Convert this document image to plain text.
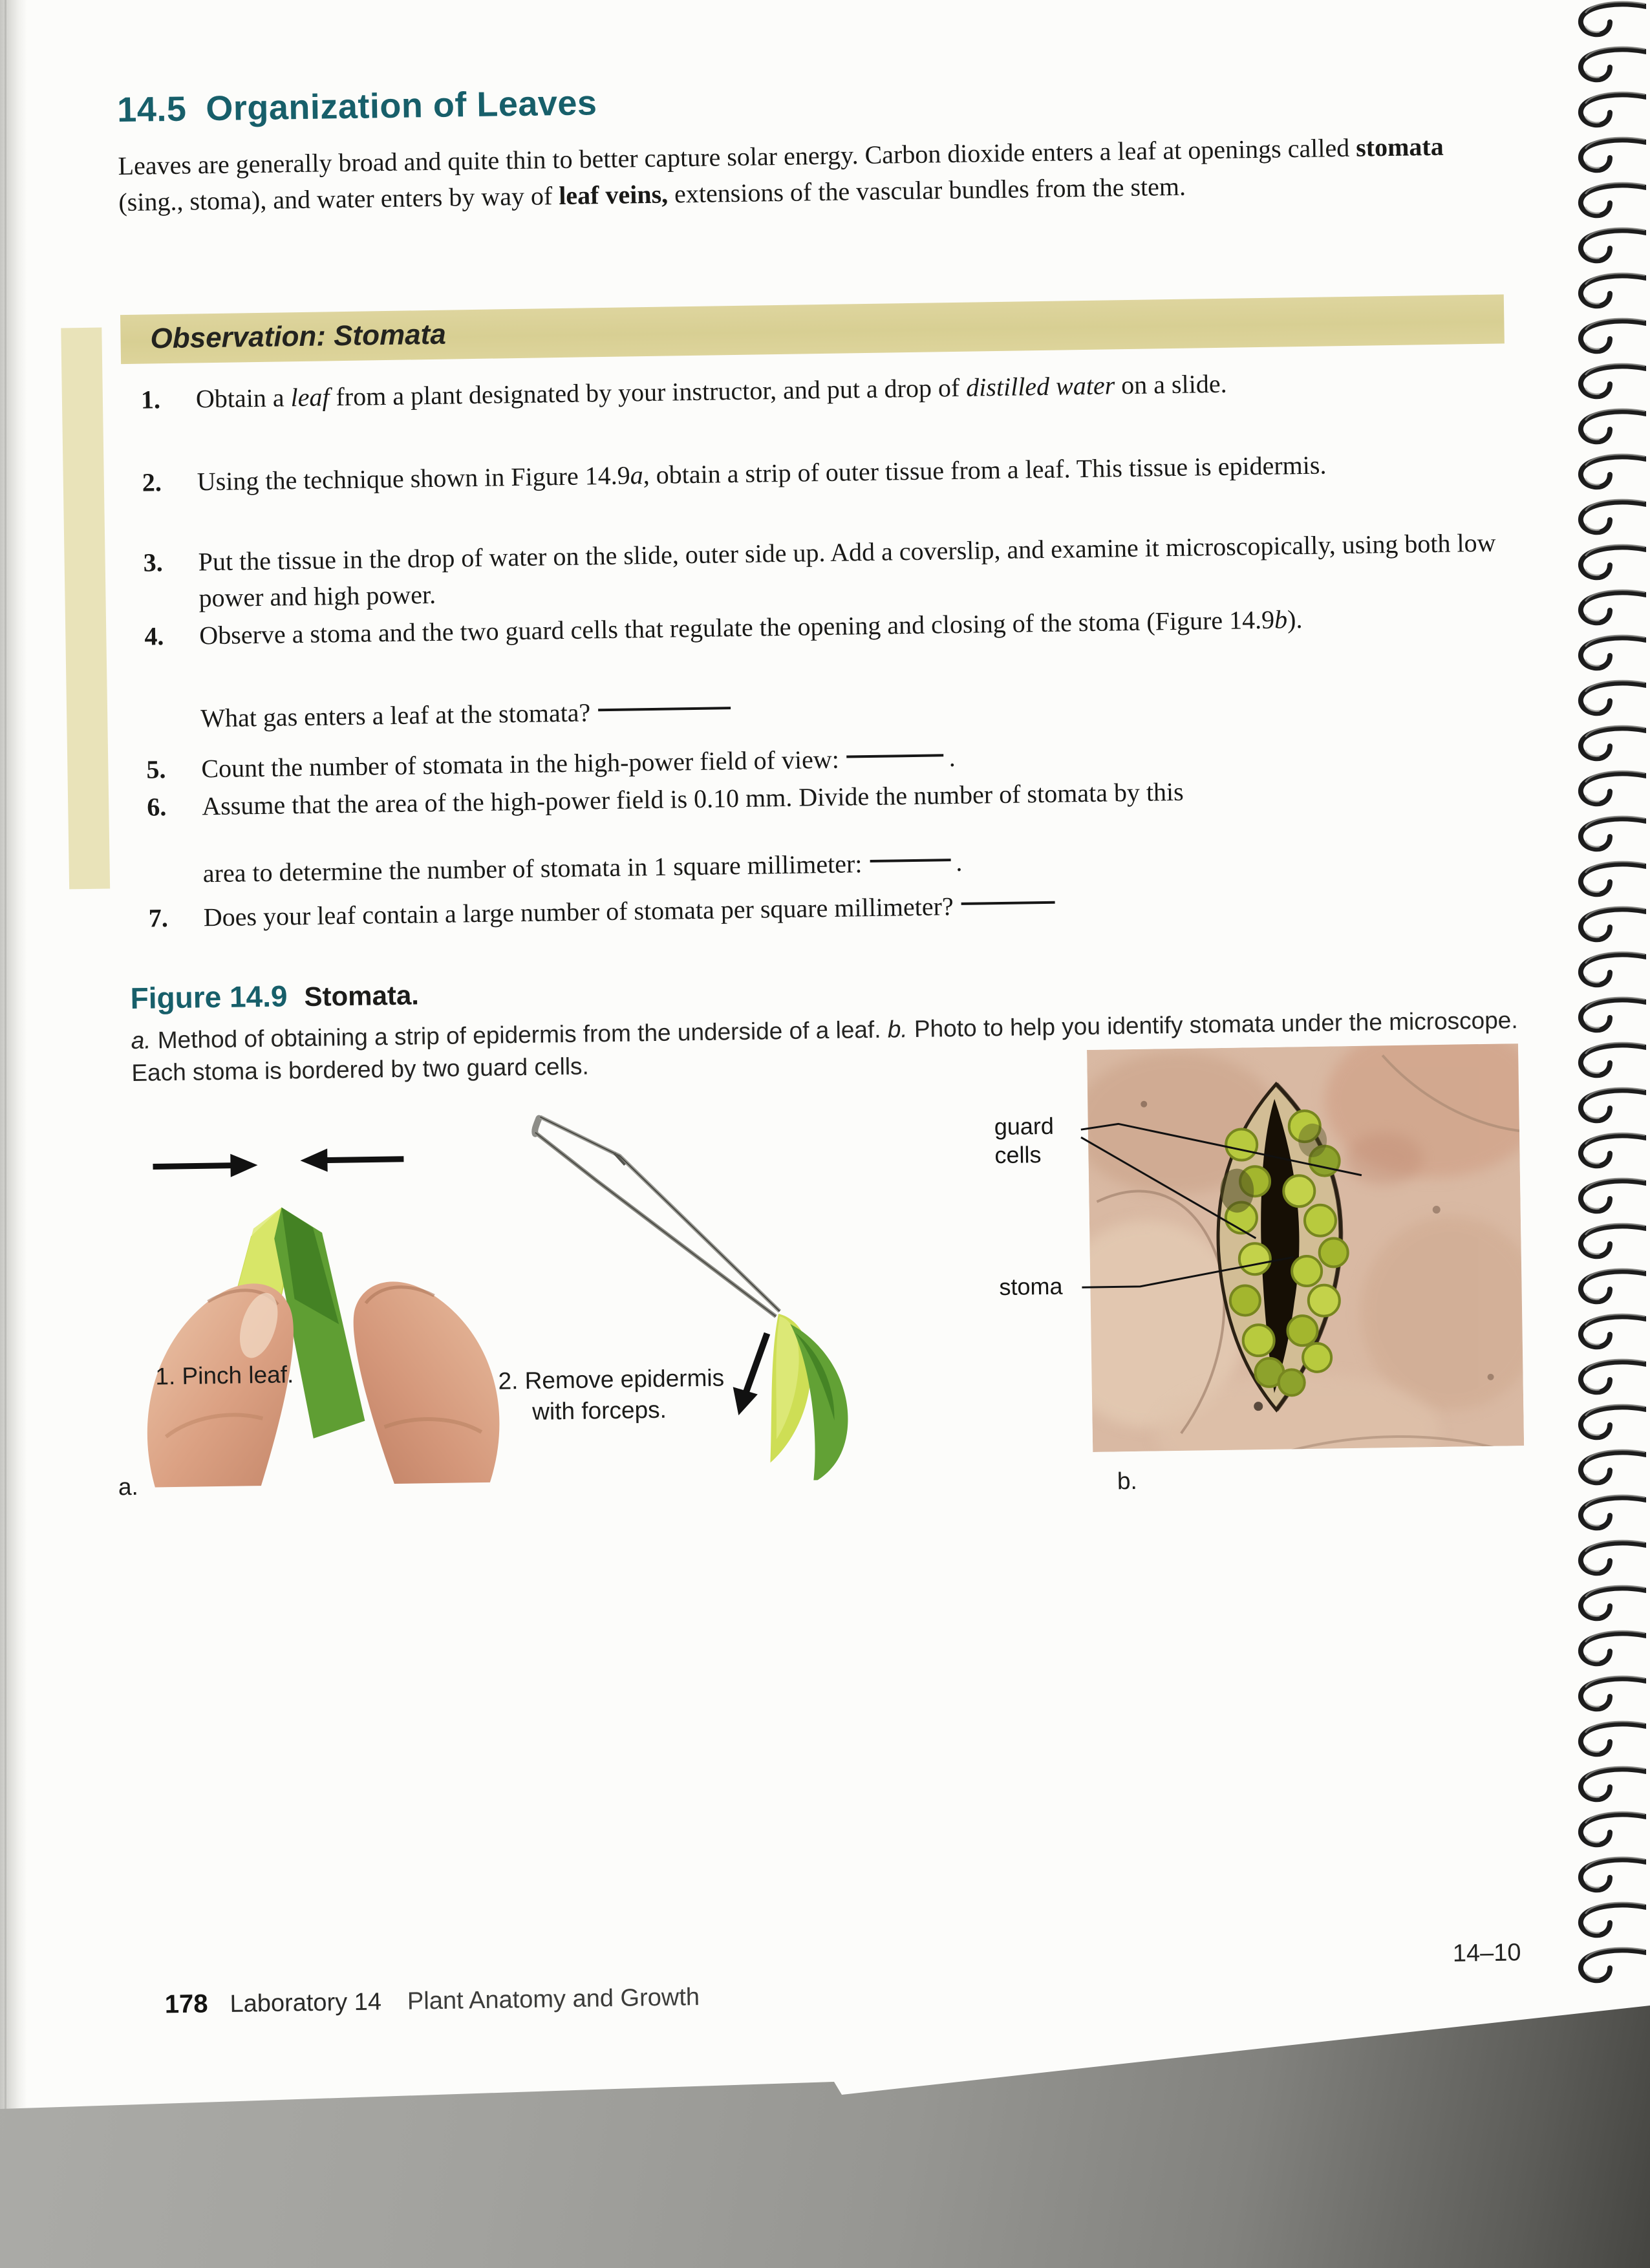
14.5 Organization of Leaves
Leaves are generally broad and quite thin to better capture solar energy. Carbon dioxide enters a leaf at openings called stomata (sing., stoma), and water enters by way of leaf veins, extensions of the vascular bundles from the stem.
Observation: Stomata
1.	Obtain a leaf from a plant designated by your instructor, and put a drop of distilled water on a slide.
2.	Using the technique shown in Figure 14.9a, obtain a strip of outer tissue from a leaf. This tissue is epidermis.
3.	Put the tissue in the drop of water on the slide, outer side up. Add a coverslip, and examine it microscopically, using both low power and high power.
4.	Observe a stoma and the two guard cells that regulate the opening and closing of the stoma (Figure 14.9b).
What gas enters a leaf at the stomata?
5.	Count the number of stomata in the high-power field of view:	.
6.	Assume that the area of the high-power field is 0.10 mm. Divide the number of stomata by this
area to determine the number of stomata in 1 square millimeter:	.
7.	Does your leaf contain a large number of stomata per square millimeter?
Figure 14.9 Stomata.
a. Method of obtaining a strip of epidermis from the underside of a leaf. b. Photo to help you identify stomata under the microscope. Each stoma is bordered by two guard cells.
1. Pinch leaf.
a.
2. Remove epidermis with forceps.
guard cells
stoma
b.
178 Laboratory 14 Plant Anatomy and Growth
14–10
